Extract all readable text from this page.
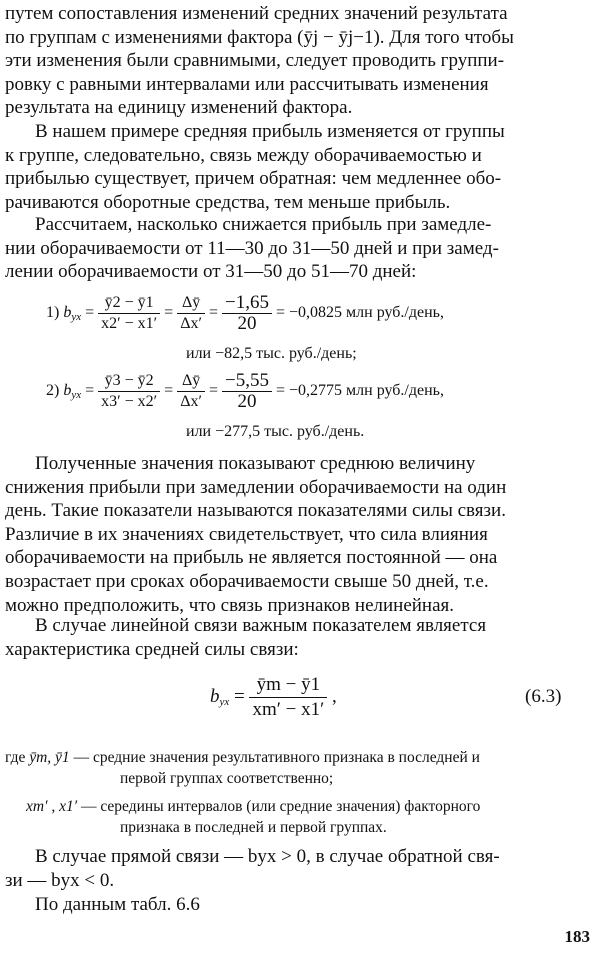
путем сопоставления изменений средних значений результата
по группам с изменениями фактора (ȳj − ȳj−1). Для того чтобы
эти изменения были сравнимыми, следует проводить группи-
ровку с равными интервалами или рассчитывать изменения
результата на единицу изменений фактора.
В нашем примере средняя прибыль изменяется от группы
к группе, следовательно, связь между оборачиваемостью и
прибылью существует, причем обратная: чем медленнее обо-
рачиваются оборотные средства, тем меньше прибыль.
Рассчитаем, насколько снижается прибыль при замедле-
нии оборачиваемости от 11—30 до 31—50 дней и при замед-
лении оборачиваемости от 31—50 до 51—70 дней:
1) $b_{yx} = \frac{ȳ2 - ȳ1}{x2' - x1'} = \frac{\Delta ȳ}{\Delta x'} = \frac{-1,65}{20} = -0,0825$ млн руб./день,
или −82,5 тыс. руб./день;
2) $b_{yx} = \frac{ȳ3 - ȳ2}{x3' - x2'} = \frac{\Delta ȳ}{\Delta x'} = \frac{-5,55}{20} = -0,2775$ млн руб./день,
или −277,5 тыс. руб./день.
Полученные значения показывают среднюю величину
снижения прибыли при замедлении оборачиваемости на один
день. Такие показатели называются показателями силы связи.
Различие в их значениях свидетельствует, что сила влияния
оборачиваемости на прибыль не является постоянной — она
возрастает при сроках оборачиваемости свыше 50 дней, т.е.
можно предположить, что связь признаков нелинейная.
В случае линейной связи важным показателем является
характеристика средней силы связи:
$b_{yx} = \frac{ȳm - ȳ1}{xm' - x1'}$ ,	(6.3)
где ȳm, ȳ1 — средние значения результативного признака в последней и
первой группах соответственно;
xm′ , x1′ — середины интервалов (или средние значения) факторного
признака в последней и первой группах.
В случае прямой связи — byx > 0, в случае обратной свя-
зи — byx < 0.
По данным табл. 6.6
183
